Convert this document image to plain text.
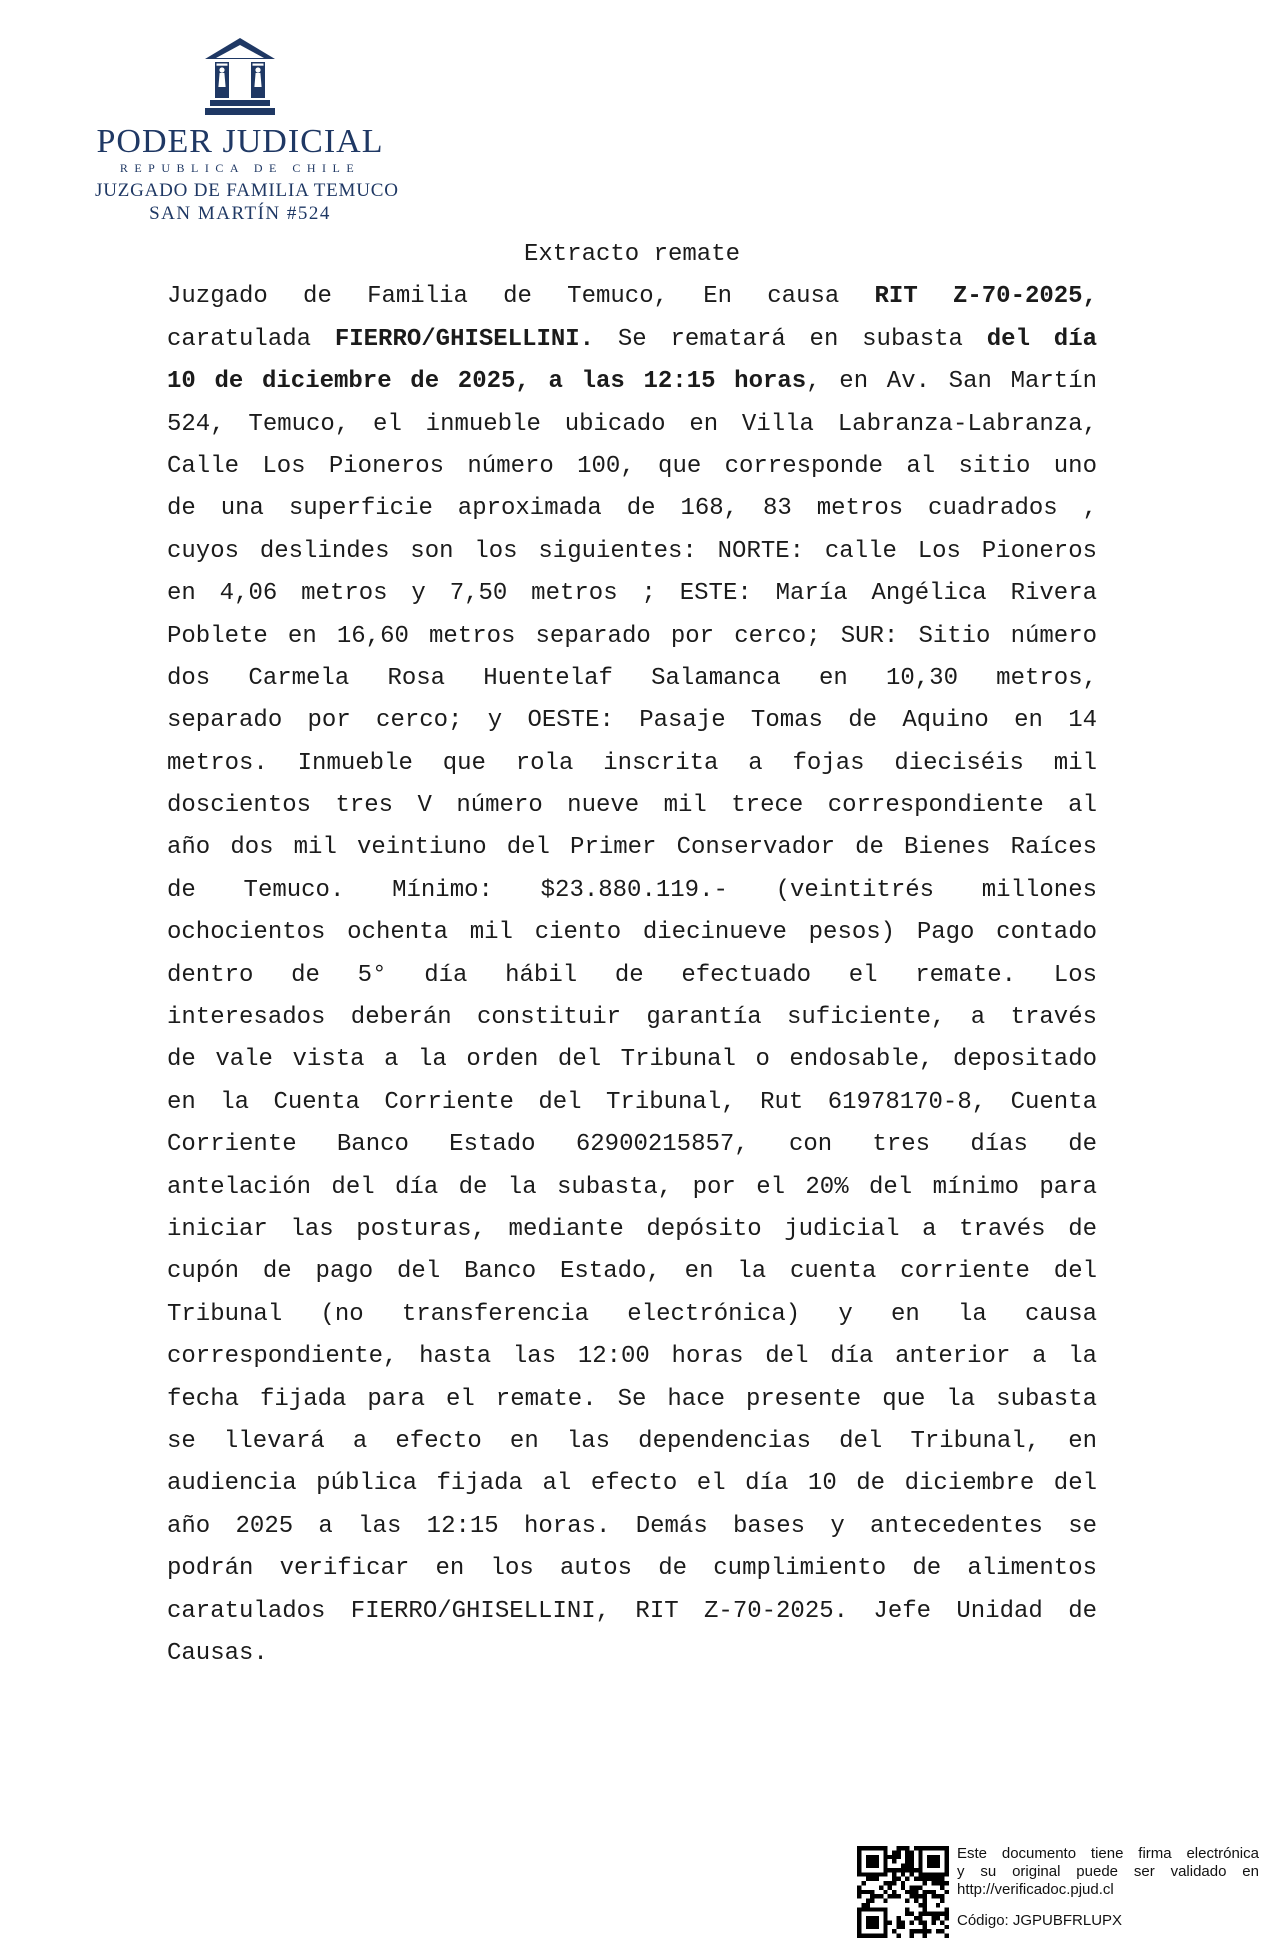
PODER JUDICIAL
REPUBLICA DE CHILE
JUZGADO DE FAMILIA TEMUCO
SAN MARTÍN #524
Extracto remate
Juzgado de Familia de Temuco, En causa RIT Z-70-2025,
caratulada FIERRO/GHISELLINI. Se rematará en subasta del día
10 de diciembre de 2025, a las 12:15 horas, en Av. San Martín
524, Temuco, el inmueble ubicado en Villa Labranza-Labranza,
Calle Los Pioneros número 100, que corresponde al sitio uno
de una superficie aproximada de 168, 83 metros cuadrados ,
cuyos deslindes son los siguientes: NORTE: calle Los Pioneros
en 4,06 metros y 7,50 metros ; ESTE: María Angélica Rivera
Poblete en 16,60 metros separado por cerco; SUR: Sitio número
dos Carmela Rosa Huentelaf Salamanca en 10,30 metros,
separado por cerco; y OESTE: Pasaje Tomas de Aquino en 14
metros. Inmueble que rola inscrita a fojas dieciséis mil
doscientos tres V número nueve mil trece correspondiente al
año dos mil veintiuno del Primer Conservador de Bienes Raíces
de Temuco. Mínimo: $23.880.119.- (veintitrés millones
ochocientos ochenta mil ciento diecinueve pesos) Pago contado
dentro de 5° día hábil de efectuado el remate. Los
interesados deberán constituir garantía suficiente, a través
de vale vista a la orden del Tribunal o endosable, depositado
en la Cuenta Corriente del Tribunal, Rut 61978170-8, Cuenta
Corriente Banco Estado 62900215857, con tres días de
antelación del día de la subasta, por el 20% del mínimo para
iniciar las posturas, mediante depósito judicial a través de
cupón de pago del Banco Estado, en la cuenta corriente del
Tribunal (no transferencia electrónica) y en la causa
correspondiente, hasta las 12:00 horas del día anterior a la
fecha fijada para el remate. Se hace presente que la subasta
se llevará a efecto en las dependencias del Tribunal, en
audiencia pública fijada al efecto el día 10 de diciembre del
año 2025 a las 12:15 horas. Demás bases y antecedentes se
podrán verificar en los autos de cumplimiento de alimentos
caratulados FIERRO/GHISELLINI, RIT Z-70-2025. Jefe Unidad de
Causas.
Este documento tiene firma electrónica
y su original puede ser validado en
http://verificadoc.pjud.cl
Código: JGPUBFRLUPX
